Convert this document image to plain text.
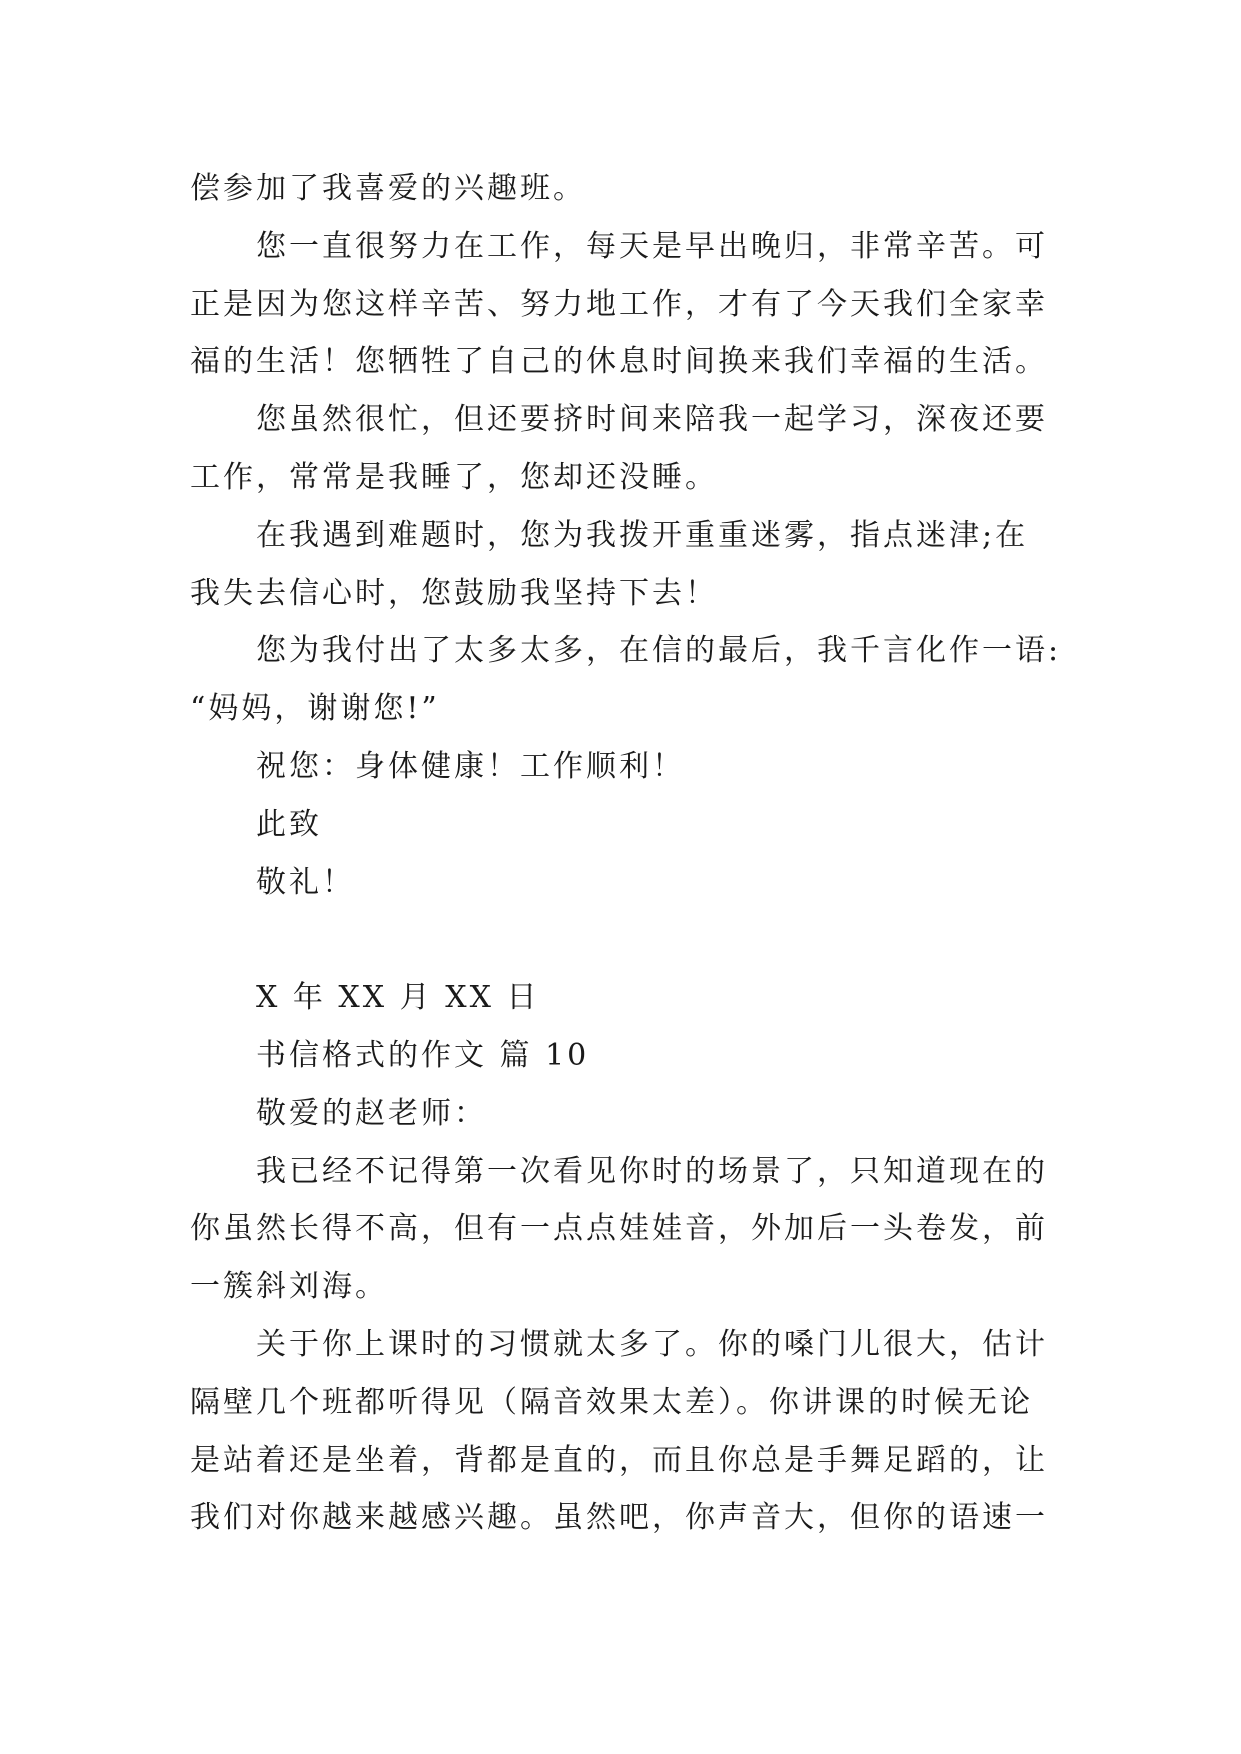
偿参加了我喜爱的兴趣班。
您一直很努力在工作，每天是早出晚归，非常辛苦。可
正是因为您这样辛苦、努力地工作，才有了今天我们全家幸
福的生活！您牺牲了自己的休息时间换来我们幸福的生活。
您虽然很忙，但还要挤时间来陪我一起学习，深夜还要
工作，常常是我睡了，您却还没睡。
在我遇到难题时，您为我拨开重重迷雾，指点迷津;在
我失去信心时，您鼓励我坚持下去！
您为我付出了太多太多，在信的最后，我千言化作一语:
“妈妈，谢谢您!”
祝您：身体健康！工作顺利！
此致
敬礼！
X 年 XX 月 XX 日
书信格式的作文 篇 10
敬爱的赵老师：
我已经不记得第一次看见你时的场景了，只知道现在的
你虽然长得不高，但有一点点娃娃音，外加后一头卷发，前
一簇斜刘海。
关于你上课时的习惯就太多了。你的嗓门儿很大，估计
隔壁几个班都听得见（隔音效果太差）。你讲课的时候无论
是站着还是坐着，背都是直的，而且你总是手舞足蹈的，让
我们对你越来越感兴趣。虽然吧，你声音大，但你的语速一
